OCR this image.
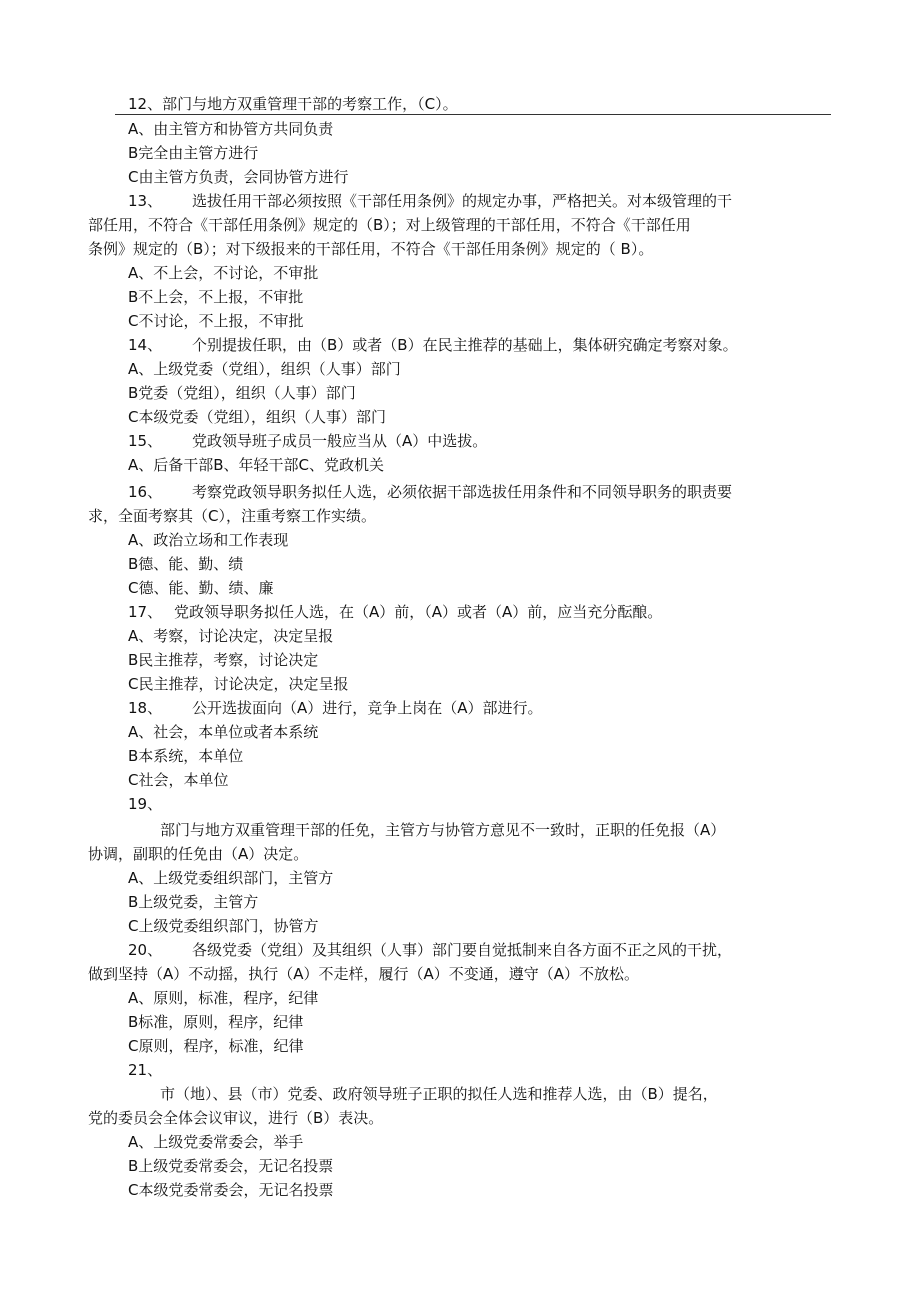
12、部门与地方双重管理干部的考察工作，（C）。
A、由主管方和协管方共同负责
B完全由主管方进行
C由主管方负责，会同协管方进行
13、 选拔任用干部必须按照《干部任用条例》的规定办事，严格把关。对本级管理的干
部任用，不符合《干部任用条例》规定的（B）；对上级管理的干部任用，不符合《干部任用
条例》规定的（B）；对下级报来的干部任用，不符合《干部任用条例》规定的（ B）。
A、不上会，不讨论，不审批
B不上会，不上报，不审批
C不讨论，不上报，不审批
14、 个别提拔任职，由（B）或者（B）在民主推荐的基础上，集体研究确定考察对象。
A、上级党委（党组），组织（人事）部门
B党委（党组），组织（人事）部门
C本级党委（党组），组织（人事）部门
15、 党政领导班子成员一般应当从（A）中选拔。
A、后备干部B、年轻干部C、党政机关
16、 考察党政领导职务拟任人选，必须依据干部选拔任用条件和不同领导职务的职责要
求，全面考察其（C），注重考察工作实绩。
A、政治立场和工作表现
B德、能、勤、绩
C德、能、勤、绩、廉
17、 党政领导职务拟任人选，在（A）前，（A）或者（A）前，应当充分酝酿。
A、考察，讨论决定，决定呈报
B民主推荐，考察，讨论决定
C民主推荐，讨论决定，决定呈报
18、 公开选拔面向（A）进行，竞争上岗在（A）部进行。
A、社会，本单位或者本系统
B本系统，本单位
C社会，本单位
19、
部门与地方双重管理干部的任免，主管方与协管方意见不一致时，正职的任免报（A）
协调，副职的任免由（A）决定。
A、上级党委组织部门，主管方
B上级党委，主管方
C上级党委组织部门，协管方
20、 各级党委（党组）及其组织（人事）部门要自觉抵制来自各方面不正之风的干扰，
做到坚持（A）不动摇，执行（A）不走样，履行（A）不变通，遵守（A）不放松。
A、原则，标准，程序，纪律
B标准，原则，程序，纪律
C原则，程序，标准，纪律
21、
市（地）、县（市）党委、政府领导班子正职的拟任人选和推荐人选，由（B）提名，
党的委员会全体会议审议，进行（B）表决。
A、上级党委常委会，举手
B上级党委常委会，无记名投票
C本级党委常委会，无记名投票
